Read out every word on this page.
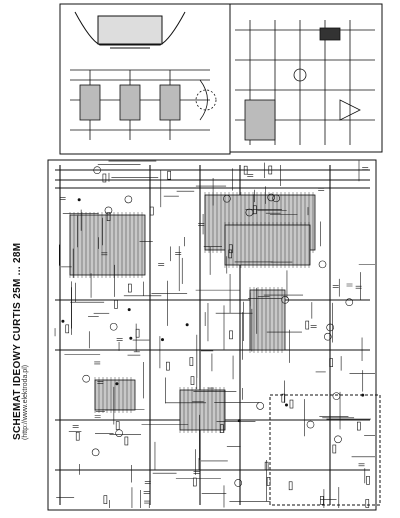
SCHEMAT IDEOWY CURTIS 25M ... 28M (http://www.elektroda.pl)
